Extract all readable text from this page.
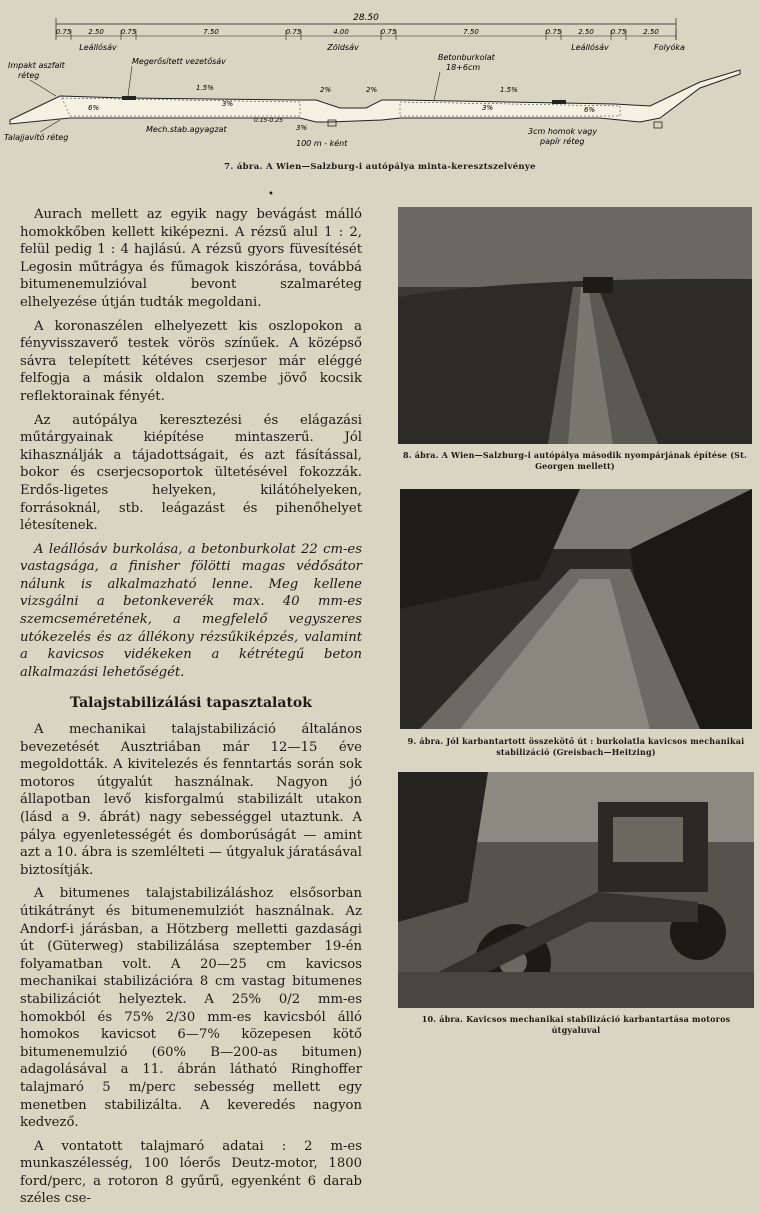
28.50
0.75 2.50 0.75	7.50	0.75	4.00	0.75	7.50	0.75 2.50 0.75 2.50
Leállósáv	Zöldsáv	Leállósáv	Folyóka
Impakt aszfalt
réteg
Megerősített vezetősáv	Betonburkolat
18+6cm
Talajjavító réteg
Mech.stab.agyagzat	3cm homok vagy
papír réteg
100 m - ként
3%
6%
1.5%	2%	2%	1.5%
6%
3%
3%
0.15-0.25
7. ábra. A Wien—Salzburg-i autópálya minta-keresztszelvénye
•

Aurach mellett az egyik nagy bevágást málló homokkőben kellett kiképezni. A rézsű alul 1 : 2, felül pedig 1 : 4 hajlású. A rézsű gyors füvesítését Legosin műtrágya és fűmagok kiszórása, továbbá bitumenemulzióval bevont szalmaréteg elhelyezése útján tudták megoldani.

A koronaszélen elhelyezett kis oszlopokon a fényvisszaverő testek vörös színűek. A középső sávra telepített kétéves cserjesor már eléggé felfogja a másik oldalon szembe jövő kocsik reflektorainak fényét.

Az autópálya keresztezési és elágazási műtárgyainak kiépítése mintaszerű. Jól kihasználják a tájadottságait, és azt fásítással, bokor és cserjecsoportok ültetésével fokozzák. Erdős-ligetes helyeken, kilátóhelyeken, forrásoknál, stb. leágazást és pihenőhelyet létesítenek.

A leállósáv burkolása, a betonburkolat 22 cm-es vastagsága, a finisher fölötti magas védősátor nálunk is alkalmazható lenne. Meg kellene vizsgálni a betonkeverék max. 40 mm-es szemcseméretének, a megfelelő vegyszeres utókezelés és az állékony rézsűkiképzés, valamint a kavicsos vidékeken a kétrétegű beton alkalmazási lehetőségét.

Talajstabilizálási tapasztalatok

A mechanikai talajstabilizáció általános bevezetését Ausztriában már 12—15 éve megoldották. A kivitelezés és fenntartás során sok motoros útgyalút használnak. Nagyon jó állapotban levő kisforgalmú stabilizált utakon (lásd a 9. ábrát) nagy sebességgel utaztunk. A pálya egyenletességét és domborúságát — amint azt a 10. ábra is szemlélteti — útgyaluk járatásával biztosítják.

A bitumenes talajstabilizáláshoz elsősorban útikátrányt és bitumenemulziót használnak. Az Andorf-i járásban, a Hötzberg melletti gazdasági út (Güterweg) stabilizálása szeptember 19-én folyamatban volt. A 20—25 cm kavicsos mechanikai stabilizációra 8 cm vastag bitumenes stabilizációt helyeztek. A 25% 0/2 mm-es homokból és 75% 2/30 mm-es kavicsból álló homokos kavicsot 6—7% közepesen kötő bitumenemulzió (60% B—200-as bitumen) adagolásával a 11. ábrán látható Ringhoffer talajmaró 5 m/perc sebesség mellett egy menetben stabilizálta. A keveredés nagyon kedvező.

A vontatott talajmaró adatai : 2 m-es munkaszélesség, 100 lóerős Deutz-motor, 1800 ford/perc, a rotoron 8 gyűrű, egyenként 6 darab széles cse-

8. ábra. A Wien—Salzburg-i autópálya második nyompárjának építése (St. Georgen mellett)
9. ábra. Jól karbantartott összekötő út : burkolatla kavicsos mechanikai stabilizáció (Greisbach—Heitzing)
10. ábra. Kavicsos mechanikai stabilizáció karbantartása motoros útgyaluval
